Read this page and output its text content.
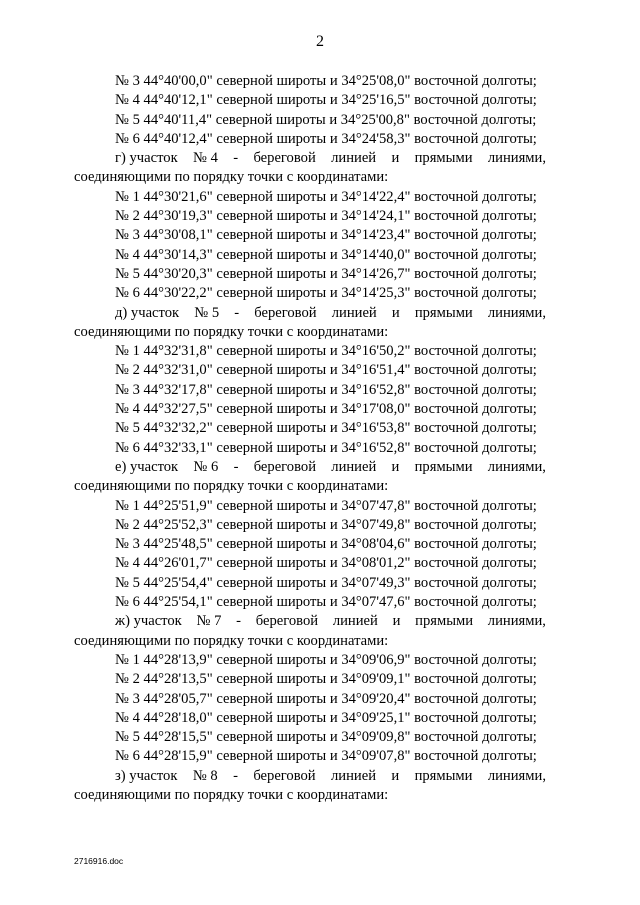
2
№ 3 44°40'00,0" северной широты и 34°25'08,0" восточной долготы;
№ 4 44°40'12,1" северной широты и 34°25'16,5" восточной долготы;
№ 5 44°40'11,4" северной широты и 34°25'00,8" восточной долготы;
№ 6 44°40'12,4" северной широты и 34°24'58,3" восточной долготы;
г) участок № 4 - береговой линией и прямыми линиями,
соединяющими по порядку точки с координатами:
№ 1 44°30'21,6" северной широты и 34°14'22,4" восточной долготы;
№ 2 44°30'19,3" северной широты и 34°14'24,1" восточной долготы;
№ 3 44°30'08,1" северной широты и 34°14'23,4" восточной долготы;
№ 4 44°30'14,3" северной широты и 34°14'40,0" восточной долготы;
№ 5 44°30'20,3" северной широты и 34°14'26,7" восточной долготы;
№ 6 44°30'22,2" северной широты и 34°14'25,3" восточной долготы;
д) участок № 5 - береговой линией и прямыми линиями,
соединяющими по порядку точки с координатами:
№ 1 44°32'31,8" северной широты и 34°16'50,2" восточной долготы;
№ 2 44°32'31,0" северной широты и 34°16'51,4" восточной долготы;
№ 3 44°32'17,8" северной широты и 34°16'52,8" восточной долготы;
№ 4 44°32'27,5" северной широты и 34°17'08,0" восточной долготы;
№ 5 44°32'32,2" северной широты и 34°16'53,8" восточной долготы;
№ 6 44°32'33,1" северной широты и 34°16'52,8" восточной долготы;
е) участок № 6 - береговой линией и прямыми линиями,
соединяющими по порядку точки с координатами:
№ 1 44°25'51,9" северной широты и 34°07'47,8" восточной долготы;
№ 2 44°25'52,3" северной широты и 34°07'49,8" восточной долготы;
№ 3 44°25'48,5" северной широты и 34°08'04,6" восточной долготы;
№ 4 44°26'01,7" северной широты и 34°08'01,2" восточной долготы;
№ 5 44°25'54,4" северной широты и 34°07'49,3" восточной долготы;
№ 6 44°25'54,1" северной широты и 34°07'47,6" восточной долготы;
ж) участок № 7 - береговой линией и прямыми линиями,
соединяющими по порядку точки с координатами:
№ 1 44°28'13,9" северной широты и 34°09'06,9" восточной долготы;
№ 2 44°28'13,5" северной широты и 34°09'09,1" восточной долготы;
№ 3 44°28'05,7" северной широты и 34°09'20,4" восточной долготы;
№ 4 44°28'18,0" северной широты и 34°09'25,1" восточной долготы;
№ 5 44°28'15,5" северной широты и 34°09'09,8" восточной долготы;
№ 6 44°28'15,9" северной широты и 34°09'07,8" восточной долготы;
з) участок № 8 - береговой линией и прямыми линиями,
соединяющими по порядку точки с координатами:
2716916.doc
